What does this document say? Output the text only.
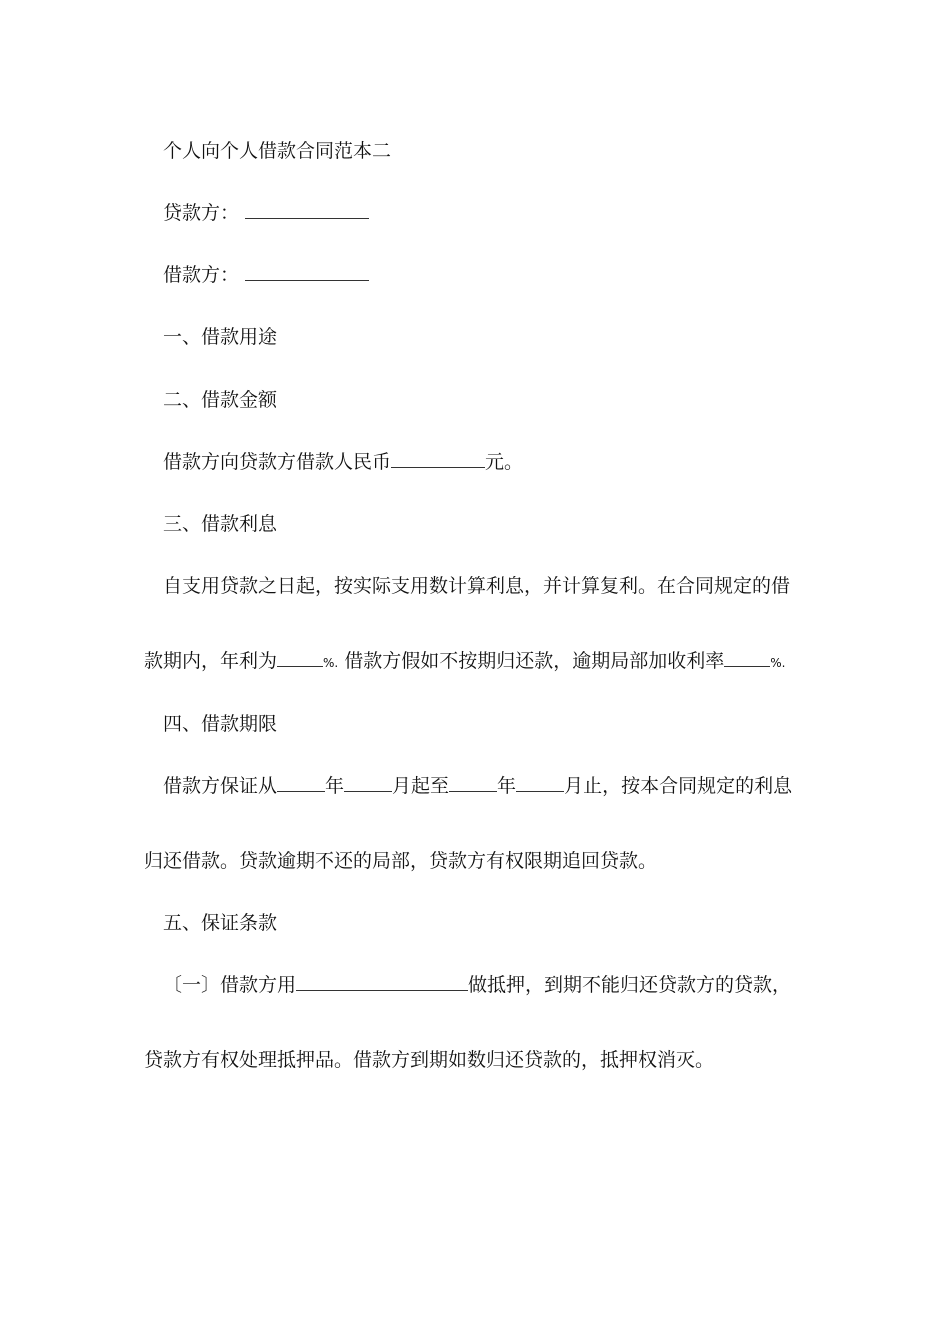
个人向个人借款合同范本二
贷款方：
借款方：
一、借款用途
二、借款金额
借款方向贷款方借款人民币	元。
三、借款利息
自支用贷款之日起，按实际支用数计算利息，并计算复利。在合同规定的借
款期内，年利为	%. 借款方假如不按期归还款，逾期局部加收利率	%.
四、借款期限
借款方保证从	年	月起至	年	月止，按本合同规定的利息
归还借款。贷款逾期不还的局部，贷款方有权限期追回贷款。
五、保证条款
〔一〕借款方用	做抵押，到期不能归还贷款方的贷款，
贷款方有权处理抵押品。借款方到期如数归还贷款的，抵押权消灭。
